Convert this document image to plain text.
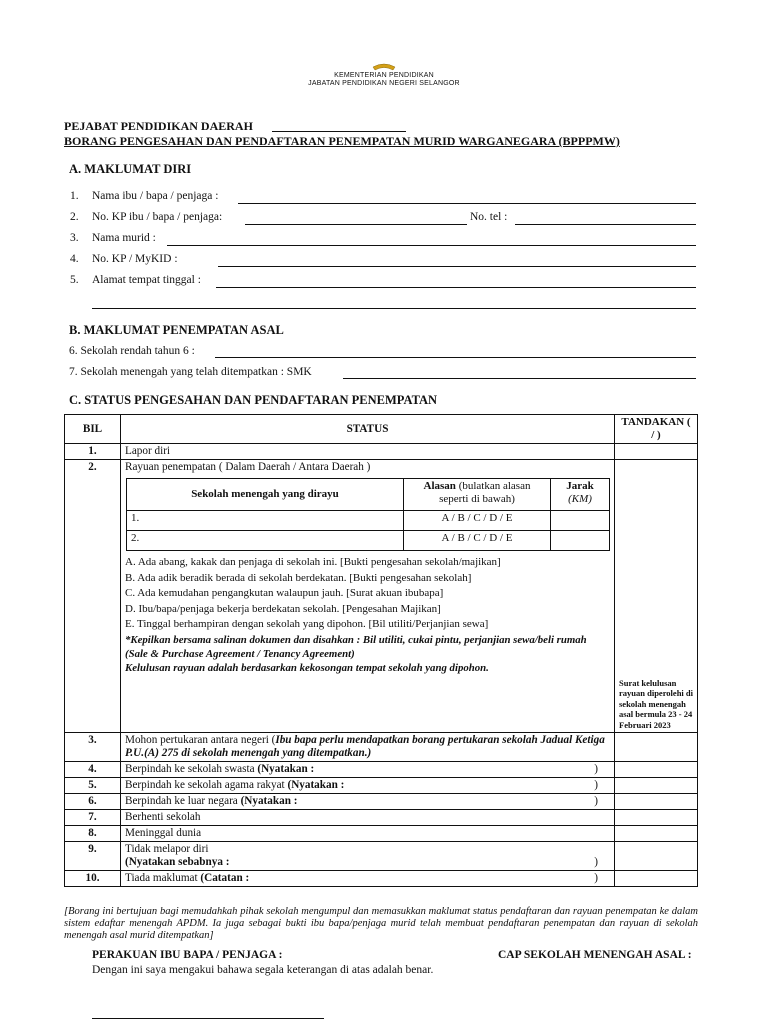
KEMENTERIAN PENDIDIKAN
JABATAN PENDIDIKAN NEGERI SELANGOR
PEJABAT PENDIDIKAN DAERAH
BORANG PENGESAHAN DAN PENDAFTARAN PENEMPATAN MURID WARGANEGARA (BPPPMW)
A. MAKLUMAT DIRI
1. Nama ibu / bapa / penjaga :
2. No. KP ibu / bapa / penjaga:	No. tel :
3. Nama murid :
4. No. KP / MyKID :
5. Alamat tempat tinggal :
B. MAKLUMAT PENEMPATAN ASAL
6. Sekolah rendah tahun 6 :
7. Sekolah menengah yang telah ditempatkan : SMK
C. STATUS PENGESAHAN DAN PENDAFTARAN PENEMPATAN
BIL	STATUS	TANDAKAN ( / )
1.	Lapor diri	
2.	Rayuan penempatan ( Dalam Daerah / Antara Daerah )
Sekolah menengah yang dirayu	Alasan (bulatkan alasan seperti di bawah)	Jarak
(KM)
1.	A / B / C / D / E	
2.	A / B / C / D / E	
A. Ada abang, kakak dan penjaga di sekolah ini. [Bukti pengesahan sekolah/majikan]
B. Ada adik beradik berada di sekolah berdekatan. [Bukti pengesahan sekolah]
C. Ada kemudahan pengangkutan walaupun jauh. [Surat akuan ibubapa]
D. Ibu/bapa/penjaga bekerja berdekatan sekolah. [Pengesahan Majikan]
E. Tinggal berhampiran dengan sekolah yang dipohon. [Bil utiliti/Perjanjian sewa]
*Kepilkan bersama salinan dokumen dan disahkan : Bil utiliti, cukai pintu, perjanjian sewa/beli rumah (Sale & Purchase Agreement / Tenancy Agreement)
Kelulusan rayuan adalah berdasarkan kekosongan tempat sekolah yang dipohon.

Surat kelulusan rayuan diperolehi di sekolah menengah asal bermula 23 - 24 Februari 2023

3.	Mohon pertukaran antara negeri (Ibu bapa perlu mendapatkan borang pertukaran sekolah Jadual Ketiga P.U.(A) 275 di sekolah menengah yang ditempatkan.)	
4.	Berpindah ke sekolah swasta (Nyatakan :	)

5.	Berpindah ke sekolah agama rakyat (Nyatakan :	)

6.	Berpindah ke luar negara (Nyatakan :	)

7.	Berhenti sekolah	
8.	Meninggal dunia	
9.	Tidak melapor diri
(Nyatakan sebabnya :	)

10.	Tiada maklumat (Catatan :	)

[Borang ini bertujuan bagi memudahkah pihak sekolah mengumpul dan memasukkan maklumat status pendaftaran dan rayuan penempatan ke dalam sistem edaftar menengah APDM. Ia juga sebagai bukti ibu bapa/penjaga murid telah membuat pendaftaran penempatan dan rayuan di sekolah menengah asal murid ditempatkan]
PERAKUAN IBU BAPA / PENJAGA :	CAP SEKOLAH MENENGAH ASAL :
Dengan ini saya mengakui bahawa segala keterangan di atas adalah benar.
